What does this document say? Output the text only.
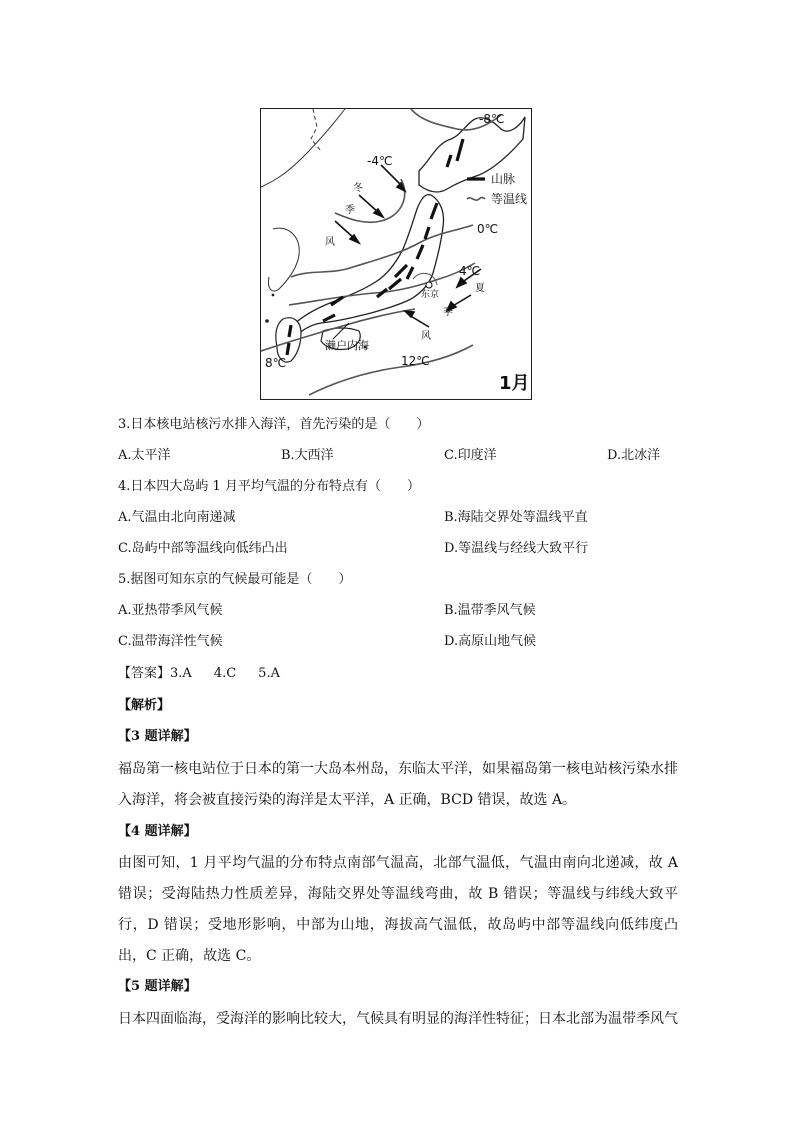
-8℃
-4℃
0℃
4℃
8℃	12℃
东京
濑户内海
冬
季
风
夏
季
风
山脉
等温线
1月
3.日本核电站核污水排入海洋，首先污染的是（　　）
A.太平洋	B.大西洋	C.印度洋	D.北冰洋
4.日本四大岛屿 1 月平均气温的分布特点有（　　）
A.气温由北向南递减	B.海陆交界处等温线平直
C.岛屿中部等温线向低纬凸出	D.等温线与经线大致平行
5.据图可知东京的气候最可能是（　　）
A.亚热带季风气候	B.温带季风气候
C.温带海洋性气候	D.高原山地气候
【答案】3.A 4.C 5.A
【解析】
【3 题详解】
福岛第一核电站位于日本的第一大岛本州岛，东临太平洋，如果福岛第一核电站核污染水排入海洋，将会被直接污染的海洋是太平洋，A 正确，BCD 错误，故选 A。
【4 题详解】
由图可知，1 月平均气温的分布特点南部气温高，北部气温低，气温由南向北递减，故 A 错误；受海陆热力性质差异，海陆交界处等温线弯曲，故 B 错误；等温线与纬线大致平行，D 错误；受地形影响，中部为山地，海拔高气温低，故岛屿中部等温线向低纬度凸出，C 正确，故选 C。
【5 题详解】
日本四面临海，受海洋的影响比较大，气候具有明显的海洋性特征；日本北部为温带季风气
